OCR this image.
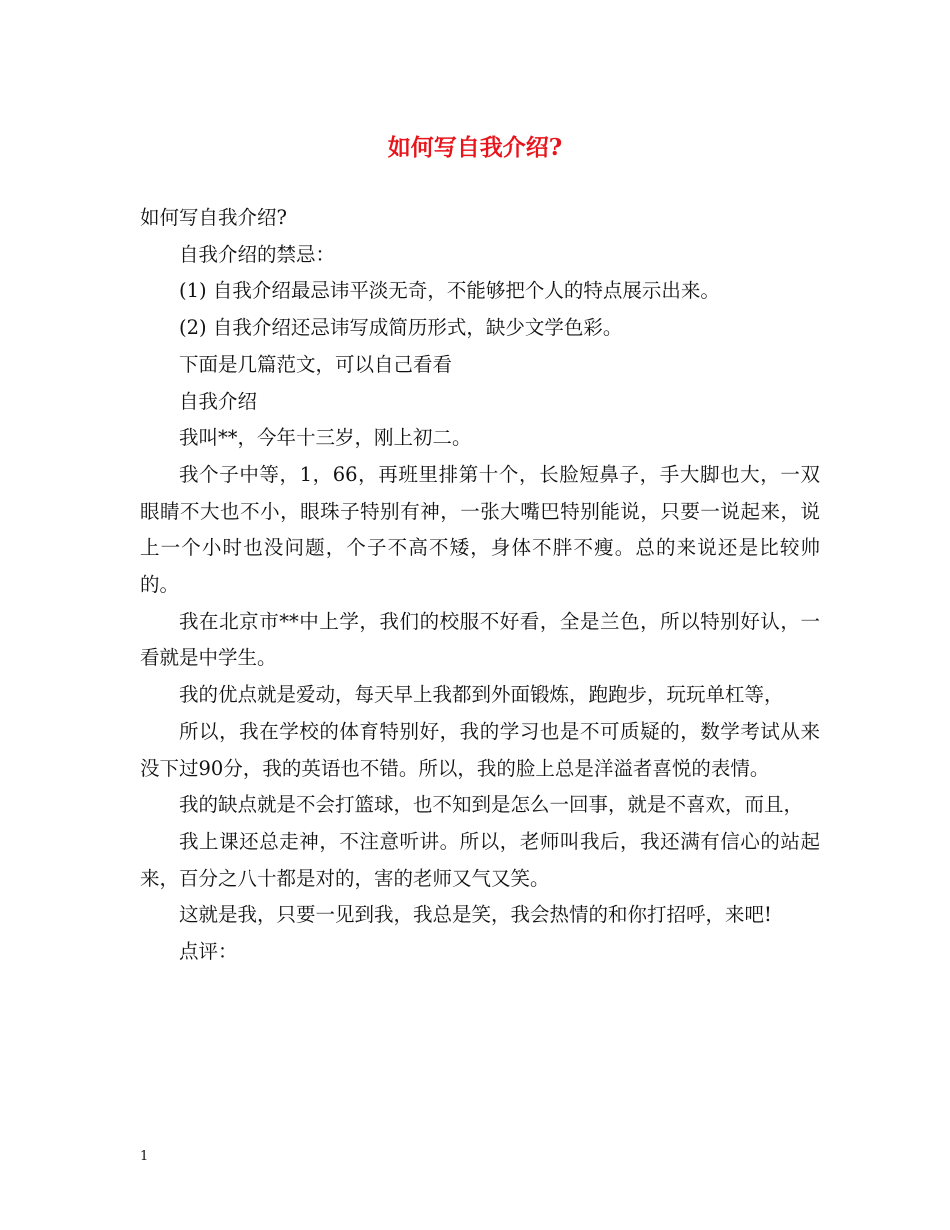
如何写自我介绍?

如何写自我介绍?

自我介绍的禁忌：

(1) 自我介绍最忌讳平淡无奇，不能够把个人的特点展示出来。

(2) 自我介绍还忌讳写成简历形式，缺少文学色彩。

下面是几篇范文，可以自己看看

自我介绍

我叫**，今年十三岁，刚上初二。

我个子中等，1，66，再班里排第十个，长脸短鼻子，手大脚也大，一双眼睛不大也不小，眼珠子特别有神，一张大嘴巴特别能说，只要一说起来，说上一个小时也没问题，个子不高不矮，身体不胖不瘦。总的来说还是比较帅的。

我在北京市**中上学，我们的校服不好看，全是兰色，所以特别好认，一看就是中学生。

我的优点就是爱动，每天早上我都到外面锻炼，跑跑步，玩玩单杠等，

所以，我在学校的体育特别好，我的学习也是不可质疑的，数学考试从来没下过90分，我的英语也不错。所以，我的脸上总是洋溢者喜悦的表情。

我的缺点就是不会打篮球，也不知到是怎么一回事，就是不喜欢，而且，

我上课还总走神，不注意听讲。所以，老师叫我后，我还满有信心的站起来，百分之八十都是对的，害的老师又气又笑。

这就是我，只要一见到我，我总是笑，我会热情的和你打招呼，来吧!

点评：

1
